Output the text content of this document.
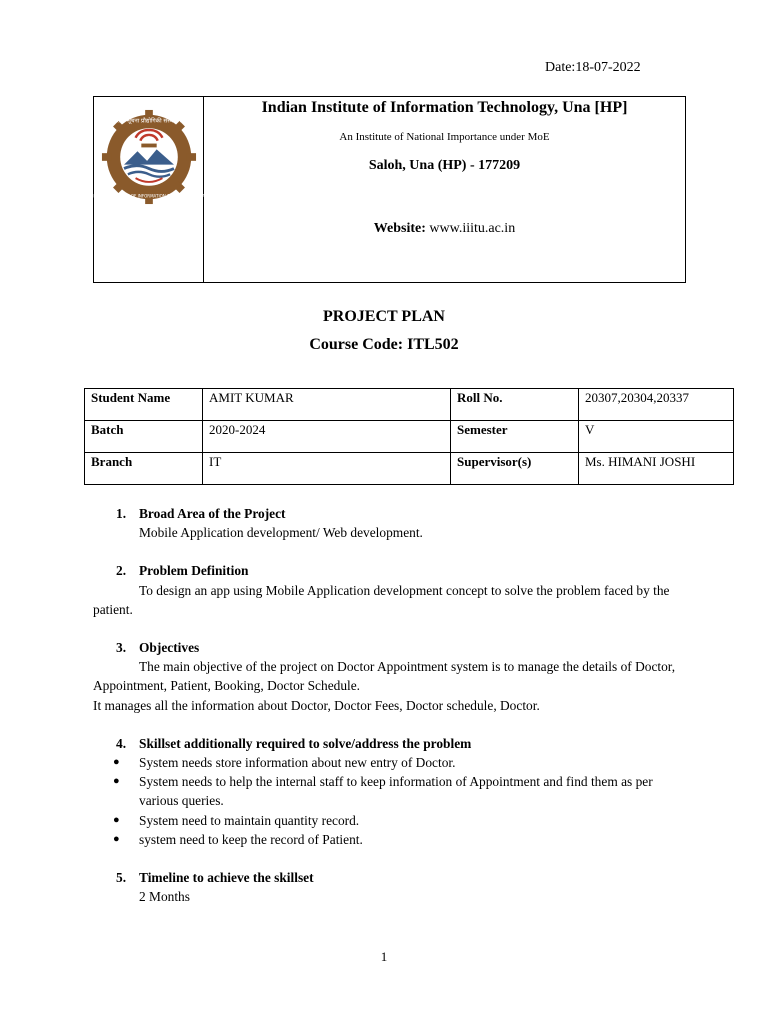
Date:18-07-2022
भारतीय सूचना प्रौद्योगिकी संस्थान ऊना
INDIAN INSTITUTE OF INFORMATION TECHNOLOGY UNA
Indian Institute of Information Technology, Una [HP]
An Institute of National Importance under MoE
Saloh, Una (HP) - 177209
Website: www.iiitu.ac.in
PROJECT PLAN
Course Code: ITL502
Student Name	AMIT KUMAR	Roll No.	20307,20304,20337
Batch	2020-2024	Semester	V
Branch	IT	Supervisor(s)	Ms. HIMANI JOSHI
1. Broad Area of the Project
Mobile Application development/ Web development.
2. Problem Definition
To design an app using Mobile Application development concept to solve the problem faced by the patient.
3. Objectives
The main objective of the project on Doctor Appointment system is to manage the details of Doctor, Appointment, Patient, Booking, Doctor Schedule.
It manages all the information about Doctor, Doctor Fees, Doctor schedule, Doctor.
4. Skillset additionally required to solve/address the problem
● System needs store information about new entry of Doctor.
● System needs to help the internal staff to keep information of Appointment and find them as per various queries.
● System need to maintain quantity record.
● system need to keep the record of Patient.
5. Timeline to achieve the skillset
2 Months
1
